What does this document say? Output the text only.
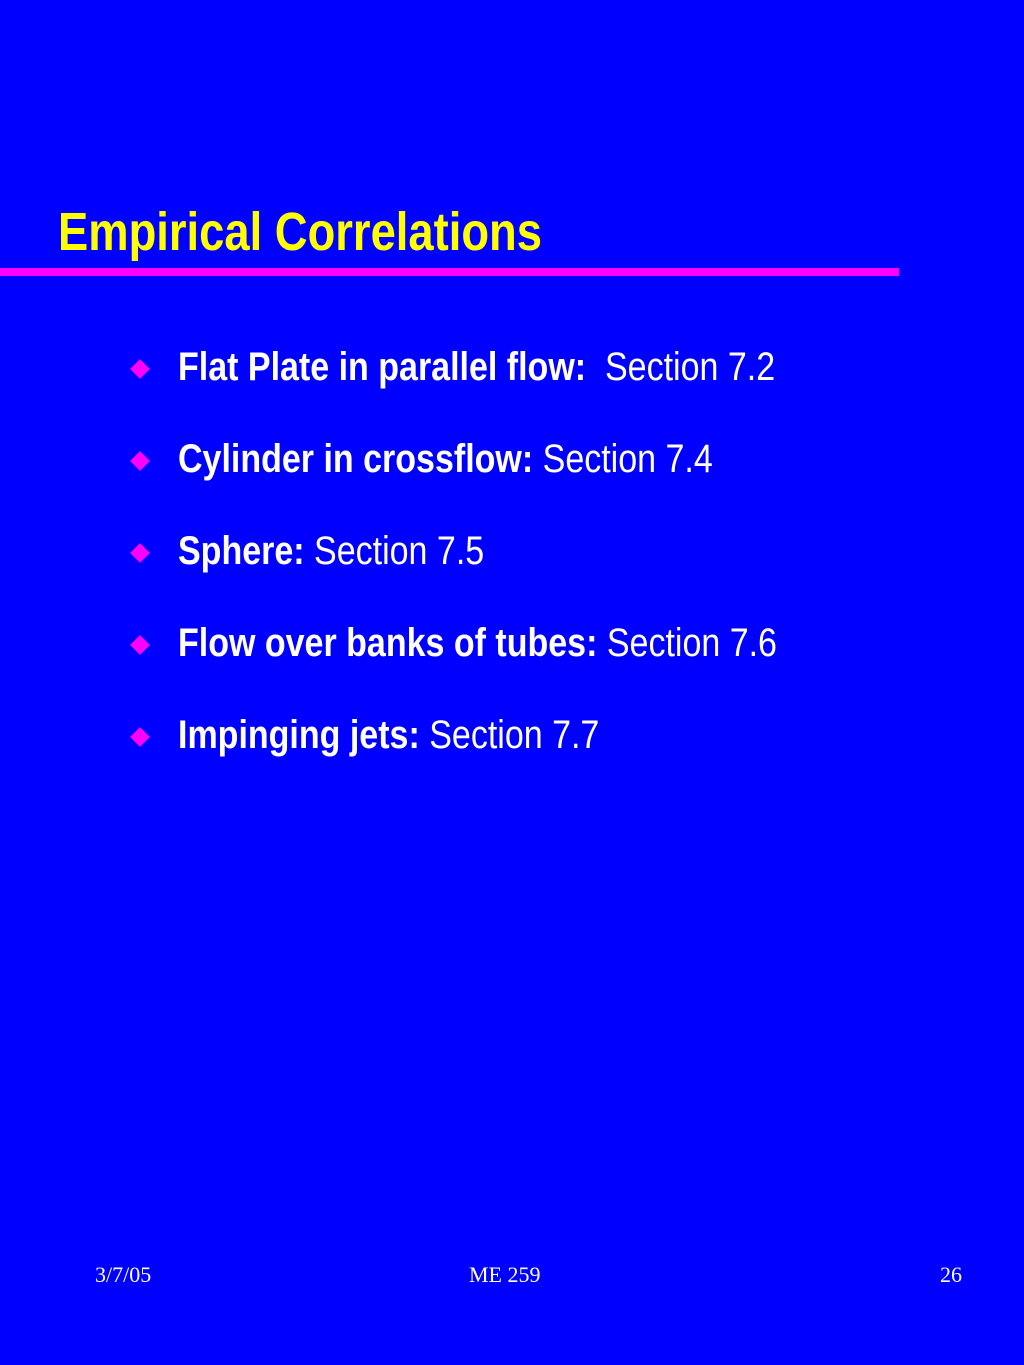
Empirical Correlations
Flat Plate in parallel flow: Section 7.2
Cylinder in crossflow: Section 7.4
Sphere: Section 7.5
Flow over banks of tubes: Section 7.6
Impinging jets: Section 7.7
3/7/05	ME 259	26
